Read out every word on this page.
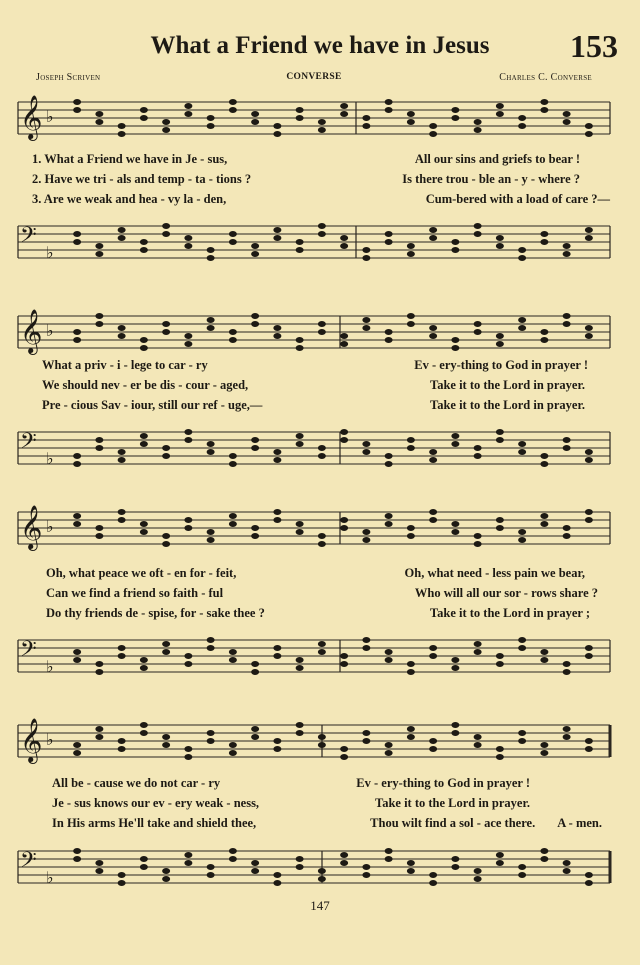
What a Friend we have in Jesus	153
Joseph Scriven	CONVERSE	Charles C. Converse
𝄞 ♭
1. What a Friend we have in Je - sus,	All our sins and griefs to bear !
2. Have we tri - als and temp - ta - tions ?	Is there trou - ble an - y - where ?
3. Are we weak and hea - vy la - den,	Cum-bered with a load of care ?—
𝄢 ♭
𝄞 ♭
What a priv - i - lege to car - ry	Ev - ery-thing to God in prayer !
We should nev - er be dis - cour - aged,	Take it to the Lord in prayer.
Pre - cious Sav - iour, still our ref - uge,—	Take it to the Lord in prayer.
𝄢 ♭
𝄞 ♭
Oh, what peace we oft - en for - feit,	Oh, what need - less pain we bear,
Can we find a friend so faith - ful	Who will all our sor - rows share ?
Do thy friends de - spise, for - sake thee ?	Take it to the Lord in prayer ;
𝄢 ♭
𝄞 ♭
All be - cause we do not car - ry	Ev - ery-thing to God in prayer !
Je - sus knows our ev - ery weak - ness,	Take it to the Lord in prayer.
In His arms He'll take and shield thee,	Thou wilt find a sol - ace there. A - men.
𝄢 ♭
147
